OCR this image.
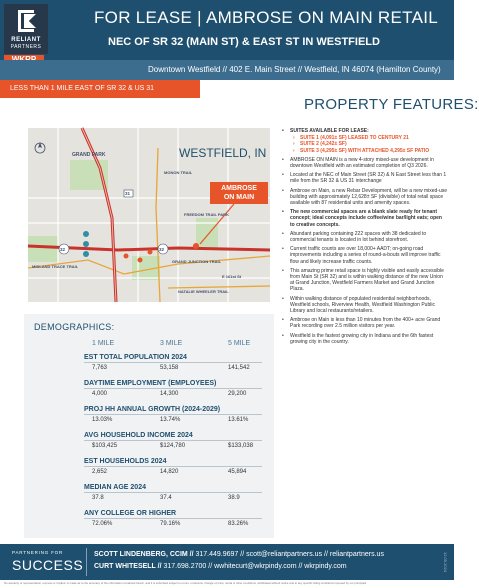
RELIANT
PARTNERS
FOR LEASE | AMBROSE ON MAIN RETAIL
NEC OF SR 32 (MAIN ST) & EAST ST IN WESTFIELD
Downtown Westfield // 402 E. Main Street // Westfield, IN 46074 (Hamilton County)
LESS THAN 1 MILE EAST OF SR 32 & US 31
PROPERTY FEATURES:
WESTFIELD, IN
AMBROSE
ON MAIN
GRAND PARK
31
32
32
MIDLAND TRACE TRAIL
GRAND JUNCTION TRAIL
MONON TRAIL
NATALIE WHEELER TRAIL
FREEDOM TRAIL PARK
E 161st St
• SUITES AVAILABLE FOR LEASE:
› SUITE 1 (4,091± SF) LEASED TO CENTURY 21
› SUITE 2 (4,242± SF)
› SUITE 3 (4,295± SF) WITH ATTACHED 4,295± SF PATIO
• AMBROSE ON MAIN is a new 4-story mixed-use development in downtown Westfield with an estimated completion of Q3 2026.
• Located at the NEC of Main Street (SR 32) & N East Street less than 1 mile from the SR 32 & US 31 interchange
• Ambrose on Main, a new Rebar Development, will be a new mixed-use building with approximately 12,628± SF (divisible) of total retail space available with 87 residential units and amenity spaces.
• The new commercial spaces are a blank slate ready for tenant concept; ideal concepts include coffee/wine bar/light eats; open to creative concepts.
• Abundant parking containing 222 spaces with 38 dedicated to commercial tenants is located in lot behind storefront.
• Current traffic counts are over 18,000+ AADT; on-going road improvements including a series of round-a-bouts will improve traffic flow and likely increase traffic counts.
• This amazing prime retail space is highly visible and easily accessible from Main St (SR 32) and is within walking distance of the new Union at Grand Junction, Westfield Farmers Market and Grand Junction Plaza.
• Within walking distance of populated residential neighborhoods, Westfield schools, Riverview Health, Westfield Washington Public Library and local restaurants/retailers.
• Ambrose on Main is less than 10 minutes from the 400+ acre Grand Park recording over 2.5 million visitors per year.
• Westfield is the fastest growing city in Indiana and the 6th fastest growing city in the country.
DEMOGRAPHICS:
1 MILE	3 MILE	5 MILE
EST TOTAL POPULATION 2024
7,763	53,158	141,542
DAYTIME EMPLOYMENT (EMPLOYEES)
4,000	14,300	29,200
PROJ HH ANNUAL GROWTH (2024-2029)
13.03%	13.74%	13.61%
AVG HOUSEHOLD INCOME 2024
$103,425	$124,780	$133,038
EST HOUSEHOLDS 2024
2,652	14,820	45,894
MEDIAN AGE 2024
37.8	37.4	38.9
ANY COLLEGE OR HIGHER
72.06%	79.16%	83.26%
PARTNERING FOR
SUCCESS
SCOTT LINDENBERG, CCIM // 317.449.9697 // scott@reliantpartners.us // reliantpartners.us
CURT WHITESELL // 317.698.2700 // wwhitecurt@wkrpindy.com // wkrpindy.com	12.05.2024
No warranty or representation, express or implied, is made as to the accuracy of the information contained herein, and it is submitted subject to errors, omissions, change of price, rental or other conditions, withdrawal without notice and to any specific listing conditions imposed by our principals.
